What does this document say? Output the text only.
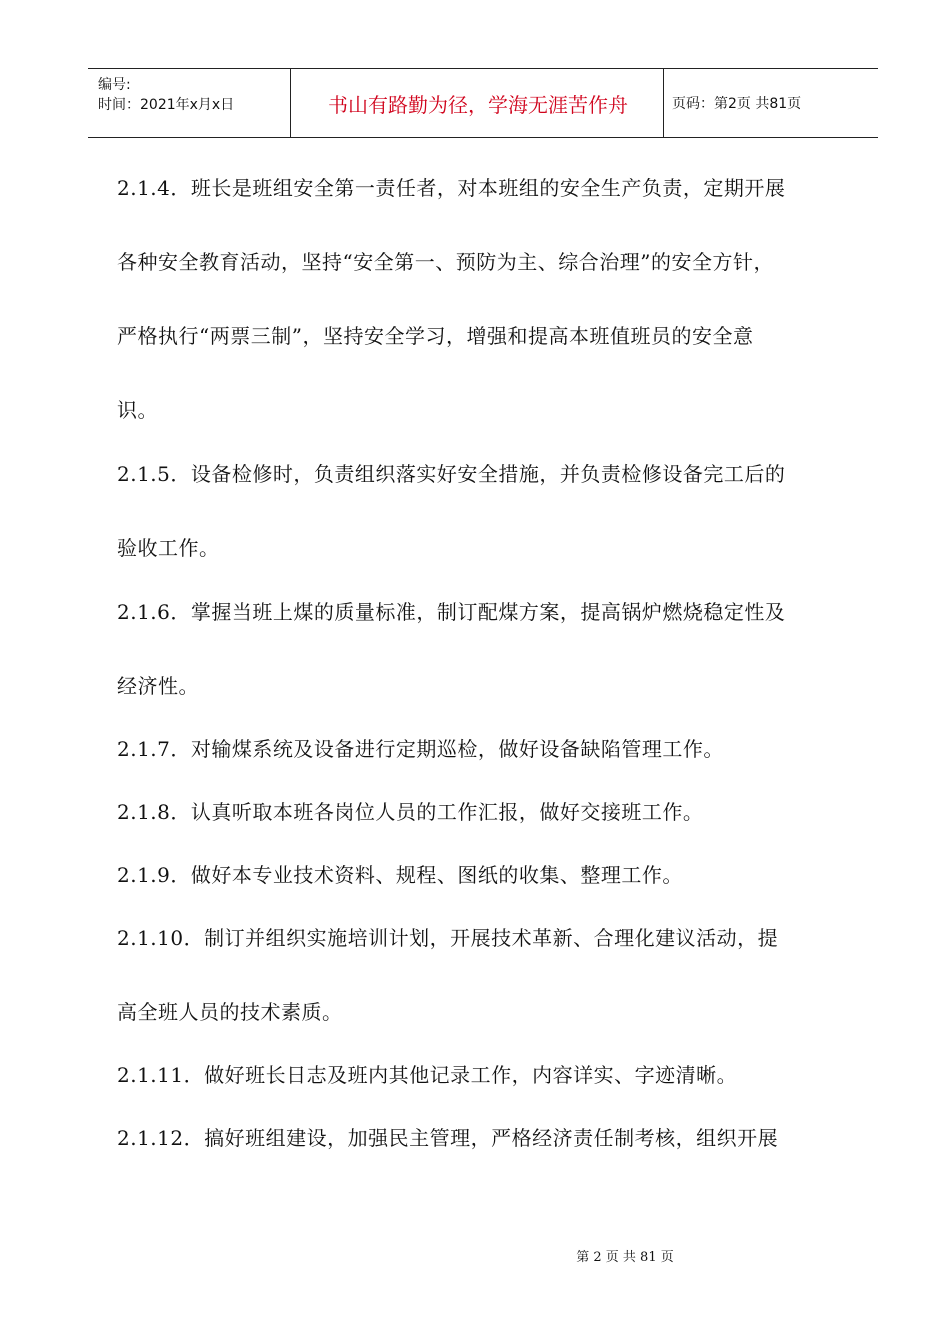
编号:
时间：2021年x月x日	书山有路勤为径，学海无涯苦作舟	页码：第2页 共81页
2.1.4．班长是班组安全第一责任者，对本班组的安全生产负责，定期开展
各种安全教育活动，坚持“安全第一、预防为主、综合治理”的安全方针，
严格执行“两票三制”，坚持安全学习，增强和提高本班值班员的安全意
识。
2.1.5．设备检修时，负责组织落实好安全措施，并负责检修设备完工后的
验收工作。
2.1.6．掌握当班上煤的质量标准，制订配煤方案，提高锅炉燃烧稳定性及
经济性。
2.1.7．对输煤系统及设备进行定期巡检，做好设备缺陷管理工作。
2.1.8．认真听取本班各岗位人员的工作汇报，做好交接班工作。
2.1.9．做好本专业技术资料、规程、图纸的收集、整理工作。
2.1.10．制订并组织实施培训计划，开展技术革新、合理化建议活动，提
高全班人员的技术素质。
2.1.11．做好班长日志及班内其他记录工作，内容详实、字迹清晰。
2.1.12．搞好班组建设，加强民主管理，严格经济责任制考核，组织开展
第 2 页 共 81 页
